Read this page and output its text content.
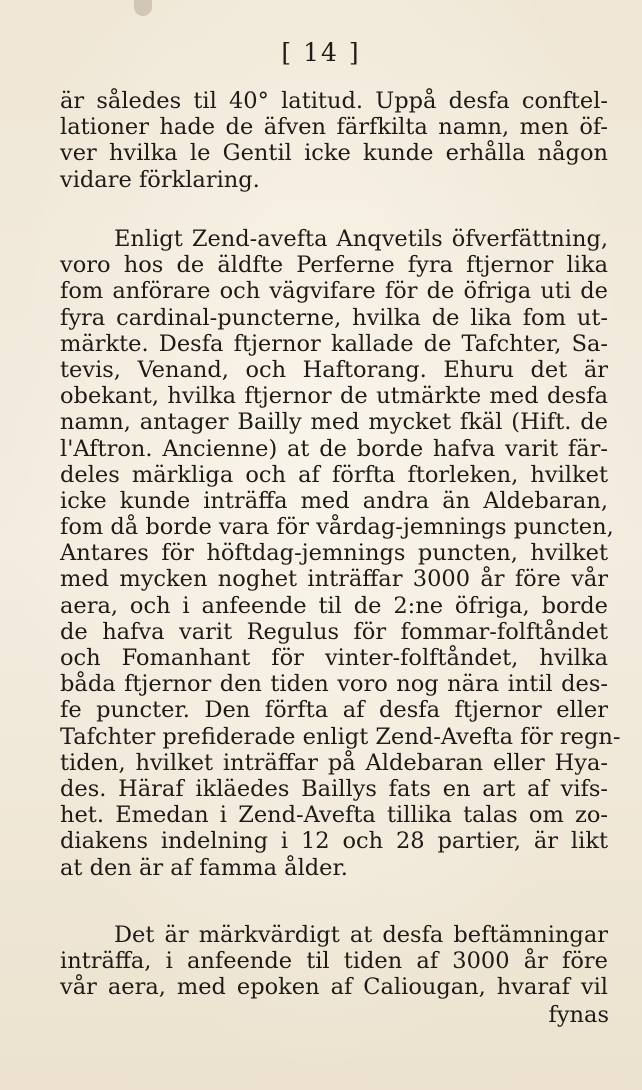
[ 14 ]
är således til 40° latitud. Uppå desfa conftel-
lationer hade de äfven färfkilta namn, men öf-
ver hvilka le Gentil icke kunde erhålla någon
vidare förklaring.
Enligt Zend-avefta Anqvetils öfverfättning,
voro hos de äldfte Perferne fyra ftjernor lika
fom anförare och vägvifare för de öfriga uti de
fyra cardinal-puncterne, hvilka de lika fom ut-
märkte. Desfa ftjernor kallade de Tafchter, Sa-
tevis, Venand, och Haftorang. Ehuru det är
obekant, hvilka ftjernor de utmärkte med desfa
namn, antager Bailly med mycket fkäl (Hift. de
l'Aftron. Ancienne) at de borde hafva varit fär-
deles märkliga och af förfta ftorleken, hvilket
icke kunde inträffa med andra än Aldebaran,
fom då borde vara för vårdag-jemnings puncten,
Antares för höftdag-jemnings puncten, hvilket
med mycken noghet inträffar 3000 år före vår
aera, och i anfeende til de 2:ne öfriga, borde
de hafva varit Regulus för fommar-folftåndet
och Fomanhant för vinter-folftåndet, hvilka
båda ftjernor den tiden voro nog nära intil des-
fe puncter. Den förfta af desfa ftjernor eller
Tafchter prefiderade enligt Zend-Avefta för regn-
tiden, hvilket inträffar på Aldebaran eller Hya-
des. Häraf ikläedes Baillys fats en art af vifs-
het. Emedan i Zend-Avefta tillika talas om zo-
diakens indelning i 12 och 28 partier, är likt
at den är af famma ålder.
Det är märkvärdigt at desfa beftämningar
inträffa, i anfeende til tiden af 3000 år före
vår aera, med epoken af Caliougan, hvaraf vil
fynas
